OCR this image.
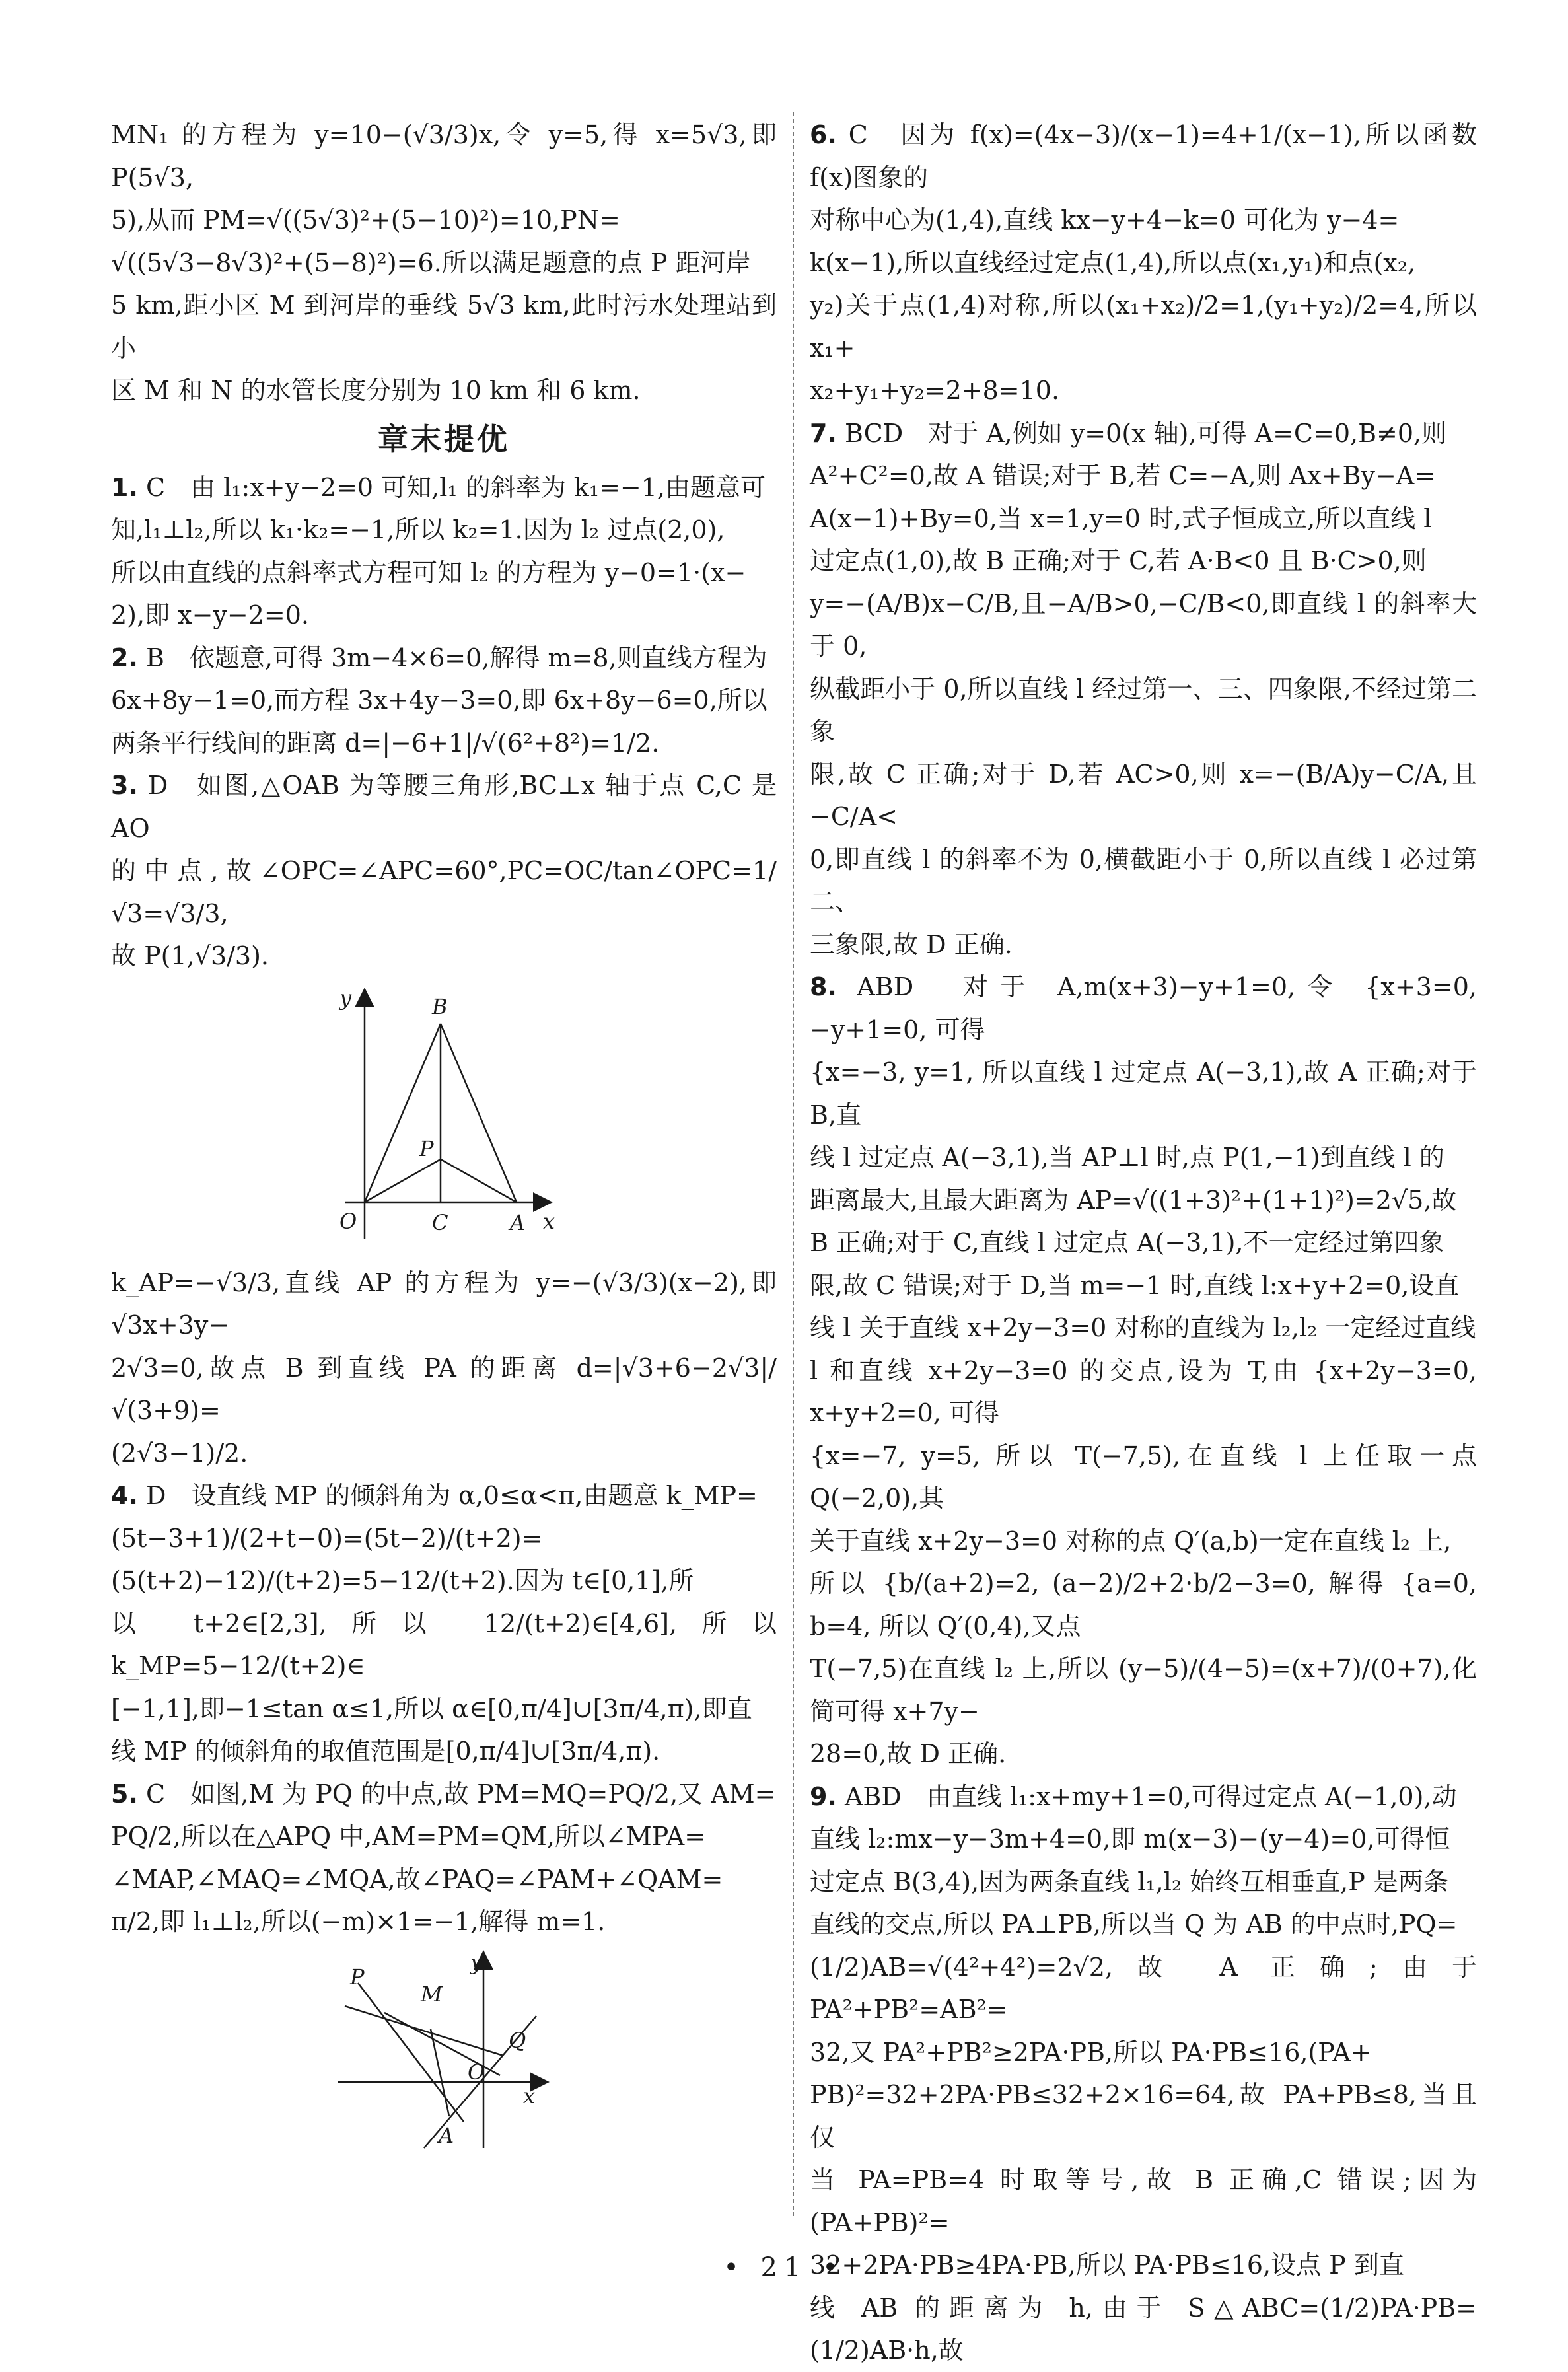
MN₁ 的方程为 y=10−(√3/3)x,令 y=5,得 x=5√3,即 P(5√3,
5),从而 PM=√((5√3)²+(5−10)²)=10,PN=
√((5√3−8√3)²+(5−8)²)=6.所以满足题意的点 P 距河岸
5 km,距小区 M 到河岸的垂线 5√3 km,此时污水处理站到小
区 M 和 N 的水管长度分别为 10 km 和 6 km.
章末提优
1. C　由 l₁:x+y−2=0 可知,l₁ 的斜率为 k₁=−1,由题意可
知,l₁⊥l₂,所以 k₁·k₂=−1,所以 k₂=1.因为 l₂ 过点(2,0),
所以由直线的点斜率式方程可知 l₂ 的方程为 y−0=1·(x−
2),即 x−y−2=0.
2. B　依题意,可得 3m−4×6=0,解得 m=8,则直线方程为
6x+8y−1=0,而方程 3x+4y−3=0,即 6x+8y−6=0,所以
两条平行线间的距离 d=|−6+1|/√(6²+8²)=1/2.
3. D　如图,△OAB 为等腰三角形,BC⊥x 轴于点 C,C 是 AO
的中点,故∠OPC=∠APC=60°,PC=OC/tan∠OPC=1/√3=√3/3,
故 P(1,√3/3).
y	B
P
O	C	A x
k_AP=−√3/3,直线 AP 的方程为 y=−(√3/3)(x−2),即√3x+3y−
2√3=0,故点 B 到直线 PA 的距离 d=|√3+6−2√3|/√(3+9)=
(2√3−1)/2.
4. D　设直线 MP 的倾斜角为 α,0≤α<π,由题意 k_MP=
(5t−3+1)/(2+t−0)=(5t−2)/(t+2)=(5(t+2)−12)/(t+2)=5−12/(t+2).因为 t∈[0,1],所
以 t+2∈[2,3],所以 12/(t+2)∈[4,6],所以 k_MP=5−12/(t+2)∈
[−1,1],即−1≤tan α≤1,所以 α∈[0,π/4]∪[3π/4,π),即直
线 MP 的倾斜角的取值范围是[0,π/4]∪[3π/4,π).
5. C　如图,M 为 PQ 的中点,故 PM=MQ=PQ/2,又 AM=
PQ/2,所以在△APQ 中,AM=PM=QM,所以∠MPA=
∠MAP,∠MAQ=∠MQA,故∠PAQ=∠PAM+∠QAM=
π/2,即 l₁⊥l₂,所以(−m)×1=−1,解得 m=1.
y
P
M
Q
O
x
A
6. C　因为 f(x)=(4x−3)/(x−1)=4+1/(x−1),所以函数 f(x)图象的
对称中心为(1,4),直线 kx−y+4−k=0 可化为 y−4=
k(x−1),所以直线经过定点(1,4),所以点(x₁,y₁)和点(x₂,
y₂)关于点(1,4)对称,所以(x₁+x₂)/2=1,(y₁+y₂)/2=4,所以 x₁+
x₂+y₁+y₂=2+8=10.
7. BCD　对于 A,例如 y=0(x 轴),可得 A=C=0,B≠0,则
A²+C²=0,故 A 错误;对于 B,若 C=−A,则 Ax+By−A=
A(x−1)+By=0,当 x=1,y=0 时,式子恒成立,所以直线 l
过定点(1,0),故 B 正确;对于 C,若 A·B<0 且 B·C>0,则
y=−(A/B)x−C/B,且−A/B>0,−C/B<0,即直线 l 的斜率大于 0,
纵截距小于 0,所以直线 l 经过第一、三、四象限,不经过第二象
限,故 C 正确;对于 D,若 AC>0,则 x=−(B/A)y−C/A,且−C/A<
0,即直线 l 的斜率不为 0,横截距小于 0,所以直线 l 必过第二、
三象限,故 D 正确.
8. ABD　对于 A,m(x+3)−y+1=0,令 {x+3=0, −y+1=0, 可得
{x=−3, y=1, 所以直线 l 过定点 A(−3,1),故 A 正确;对于 B,直
线 l 过定点 A(−3,1),当 AP⊥l 时,点 P(1,−1)到直线 l 的
距离最大,且最大距离为 AP=√((1+3)²+(1+1)²)=2√5,故
B 正确;对于 C,直线 l 过定点 A(−3,1),不一定经过第四象
限,故 C 错误;对于 D,当 m=−1 时,直线 l:x+y+2=0,设直
线 l 关于直线 x+2y−3=0 对称的直线为 l₂,l₂ 一定经过直线
l 和直线 x+2y−3=0 的交点,设为 T,由 {x+2y−3=0, x+y+2=0, 可得
{x=−7, y=5, 所以 T(−7,5),在直线 l 上任取一点 Q(−2,0),其
关于直线 x+2y−3=0 对称的点 Q′(a,b)一定在直线 l₂ 上,
所以 {b/(a+2)=2, (a−2)/2+2·b/2−3=0, 解得 {a=0, b=4, 所以 Q′(0,4),又点
T(−7,5)在直线 l₂ 上,所以 (y−5)/(4−5)=(x+7)/(0+7),化简可得 x+7y−
28=0,故 D 正确.
9. ABD　由直线 l₁:x+my+1=0,可得过定点 A(−1,0),动
直线 l₂:mx−y−3m+4=0,即 m(x−3)−(y−4)=0,可得恒
过定点 B(3,4),因为两条直线 l₁,l₂ 始终互相垂直,P 是两条
直线的交点,所以 PA⊥PB,所以当 Q 为 AB 的中点时,PQ=
(1/2)AB=√(4²+4²)=2√2,故 A 正确;由于 PA²+PB²=AB²=
32,又 PA²+PB²≥2PA·PB,所以 PA·PB≤16,(PA+
PB)²=32+2PA·PB≤32+2×16=64,故 PA+PB≤8,当且仅
当 PA=PB=4 时取等号,故 B 正确,C 错误;因为(PA+PB)²=
32+2PA·PB≥4PA·PB,所以 PA·PB≤16,设点 P 到直
线 AB 的距离为 h,由于 S△ABC=(1/2)PA·PB=(1/2)AB·h,故
• 21 •
